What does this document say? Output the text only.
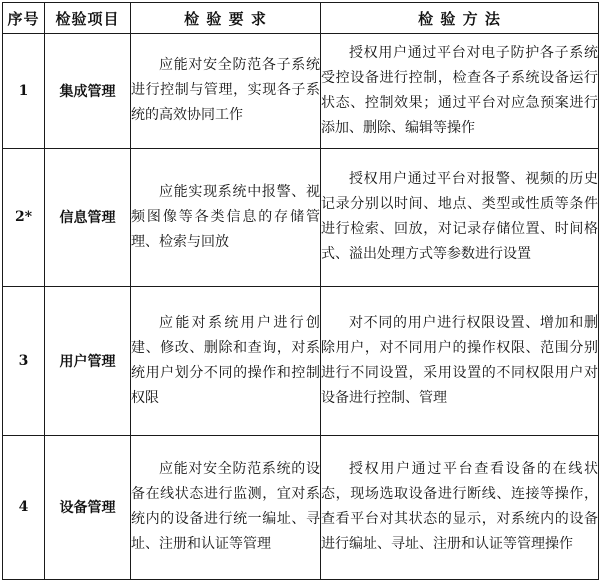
序号	检验项目	检 验 要 求	检 验 方 法
1	集成管理	应能对安全防范各子系统进行控制与管理，实现各子系统的高效协同工作	授权用户通过平台对电子防护各子系统受控设备进行控制，检查各子系统设备运行状态、控制效果；通过平台对应急预案进行添加、删除、编辑等操作
2*	信息管理	应能实现系统中报警、视频图像等各类信息的存储管理、检索与回放	授权用户通过平台对报警、视频的历史记录分别以时间、地点、类型或性质等条件进行检索、回放，对记录存储位置、时间格式、溢出处理方式等参数进行设置
3	用户管理	应能对系统用户进行创建、修改、删除和查询，对系统用户划分不同的操作和控制权限	对不同的用户进行权限设置、增加和删除用户，对不同用户的操作权限、范围分别进行不同设置，采用设置的不同权限用户对设备进行控制、管理
4	设备管理	应能对安全防范系统的设备在线状态进行监测，宜对系统内的设备进行统一编址、寻址、注册和认证等管理	授权用户通过平台查看设备的在线状态，现场选取设备进行断线、连接等操作，查看平台对其状态的显示，对系统内的设备进行编址、寻址、注册和认证等管理操作
